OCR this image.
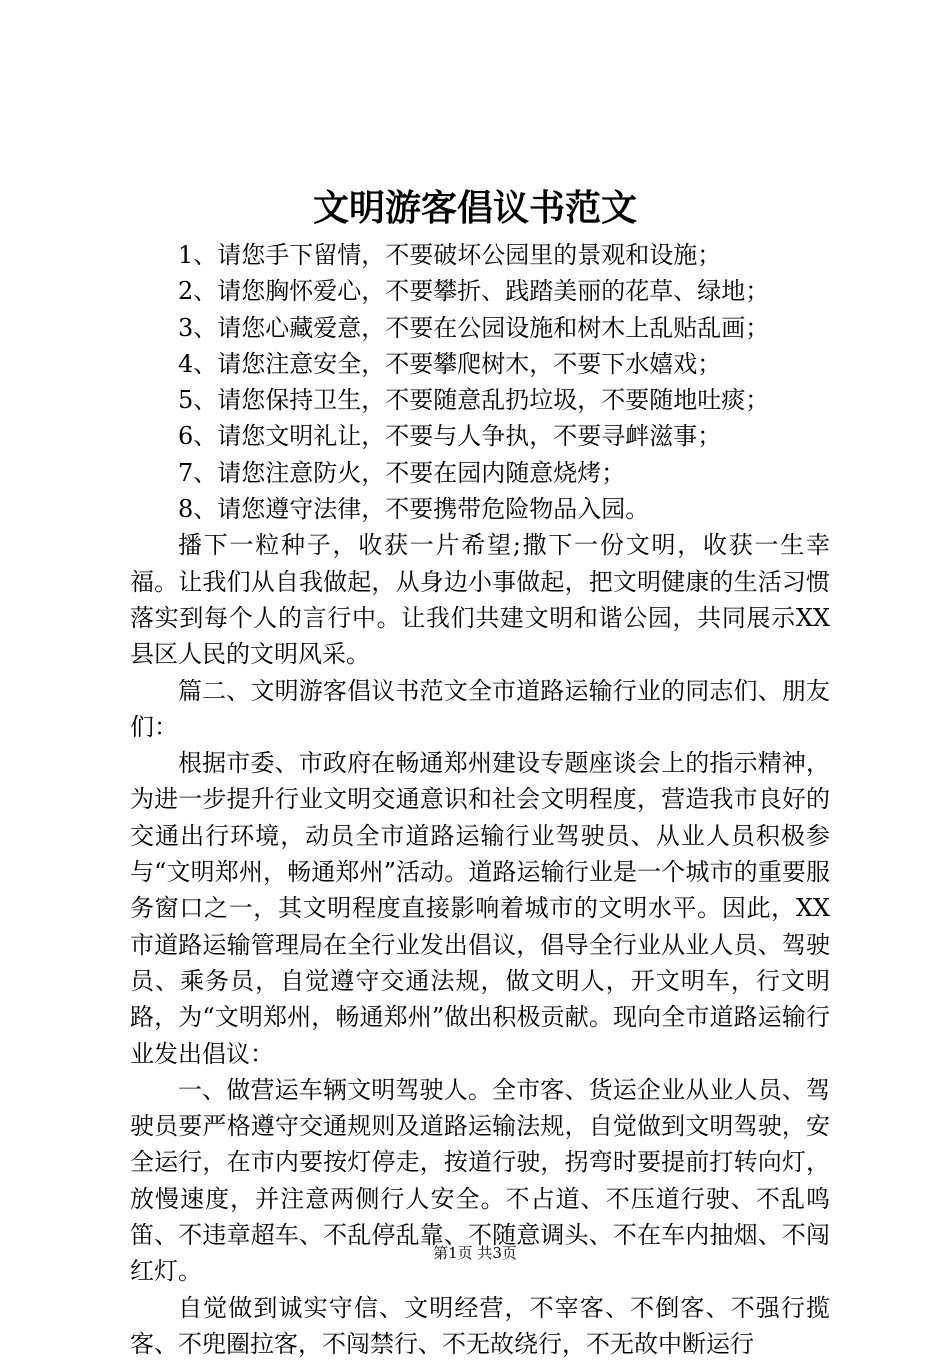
文明游客倡议书范文

1、请您手下留情，不要破坏公园里的景观和设施；

2、请您胸怀爱心，不要攀折、践踏美丽的花草、绿地；

3、请您心藏爱意，不要在公园设施和树木上乱贴乱画；

4、请您注意安全，不要攀爬树木，不要下水嬉戏；

5、请您保持卫生，不要随意乱扔垃圾，不要随地吐痰；

6、请您文明礼让，不要与人争执，不要寻衅滋事；

7、请您注意防火，不要在园内随意烧烤；

8、请您遵守法律，不要携带危险物品入园。

播下一粒种子，收获一片希望;撒下一份文明，收获一生幸福。让我们从自我做起，从身边小事做起，把文明健康的生活习惯落实到每个人的言行中。让我们共建文明和谐公园，共同展示XX县区人民的文明风采。

篇二、文明游客倡议书范文全市道路运输行业的同志们、朋友们：

根据市委、市政府在畅通郑州建设专题座谈会上的指示精神，为进一步提升行业文明交通意识和社会文明程度，营造我市良好的交通出行环境，动员全市道路运输行业驾驶员、从业人员积极参与“文明郑州，畅通郑州”活动。道路运输行业是一个城市的重要服务窗口之一，其文明程度直接影响着城市的文明水平。因此，XX市道路运输管理局在全行业发出倡议，倡导全行业从业人员、驾驶员、乘务员，自觉遵守交通法规，做文明人，开文明车，行文明路，为“文明郑州，畅通郑州”做出积极贡献。现向全市道路运输行业发出倡议：

一、做营运车辆文明驾驶人。全市客、货运企业从业人员、驾驶员要严格遵守交通规则及道路运输法规，自觉做到文明驾驶，安全运行，在市内要按灯停走，按道行驶，拐弯时要提前打转向灯，放慢速度，并注意两侧行人安全。不占道、不压道行驶、不乱鸣笛、不违章超车、不乱停乱靠、不随意调头、不在车内抽烟、不闯红灯。

自觉做到诚实守信、文明经营，不宰客、不倒客、不强行揽客、不兜圈拉客，不闯禁行、不无故绕行，不无故中断运行

第1页 共3页
